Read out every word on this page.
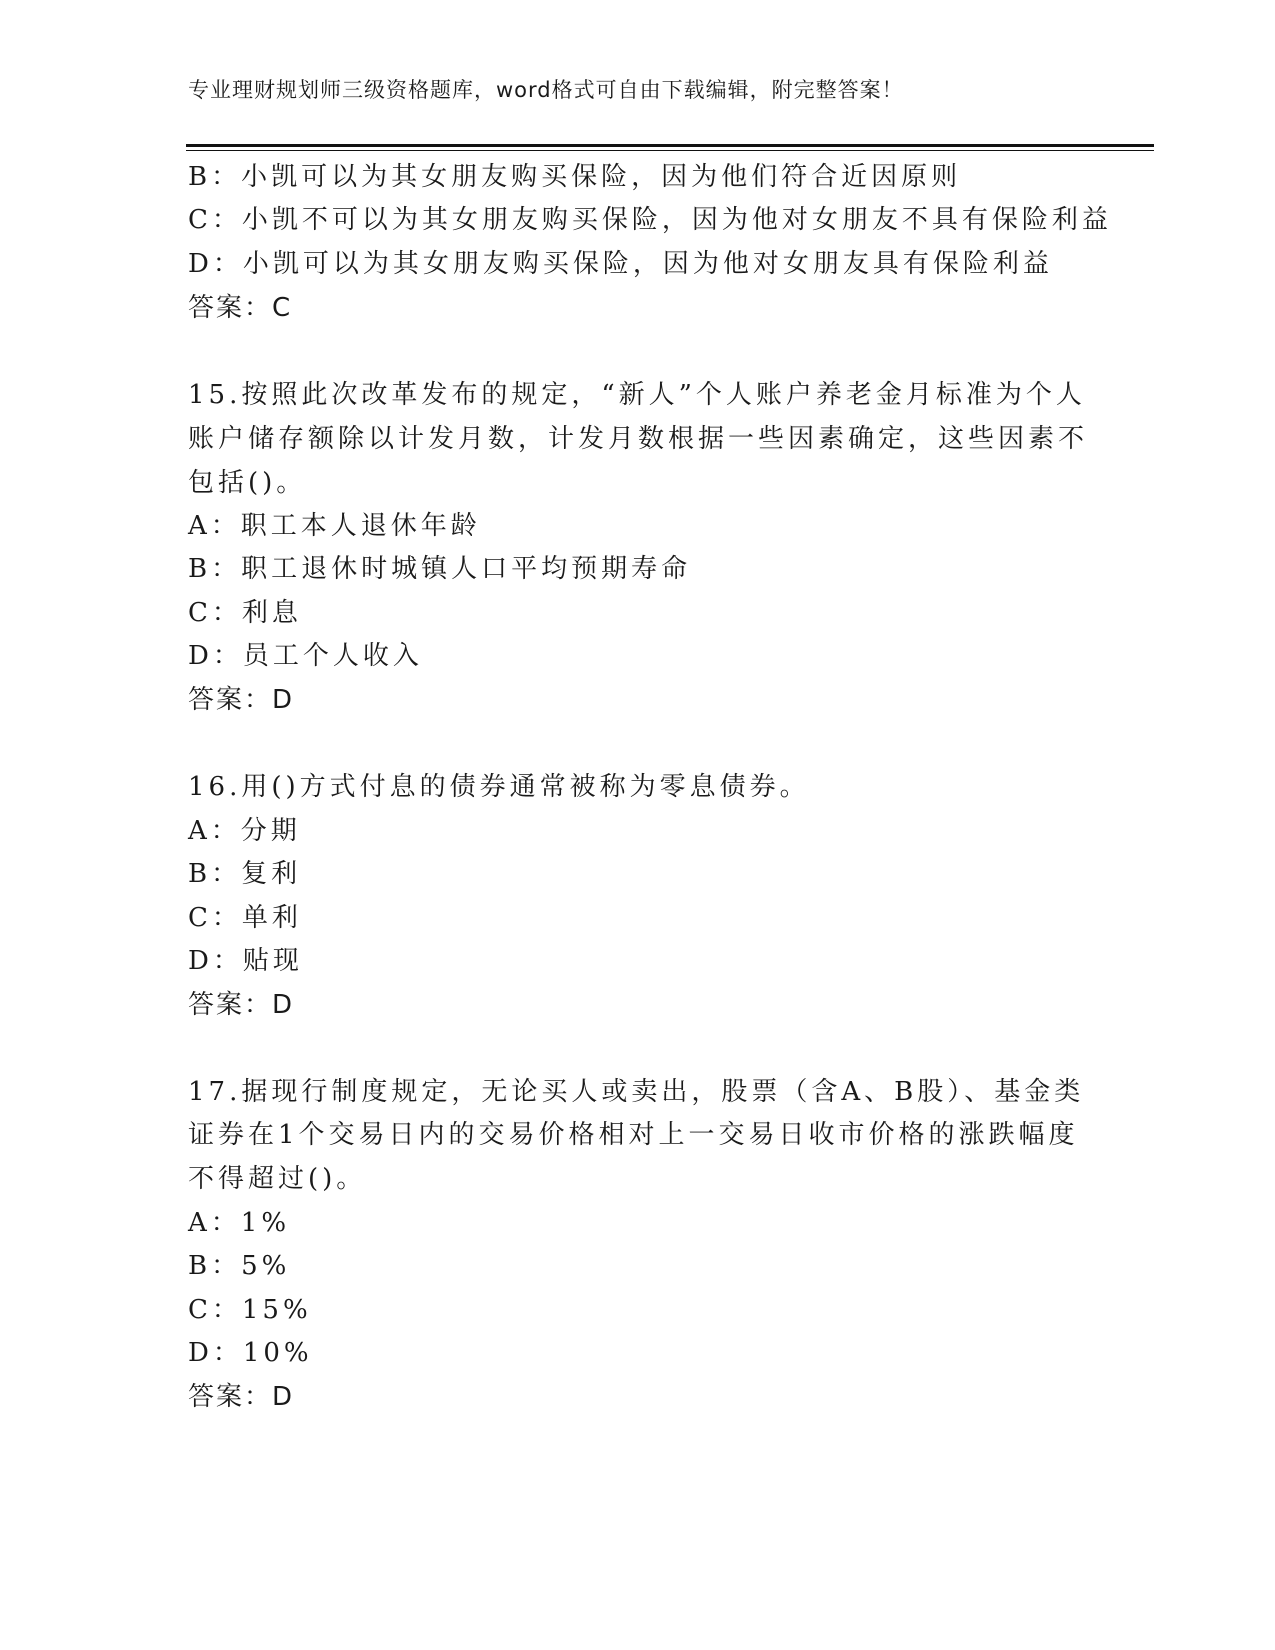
专业理财规划师三级资格题库，word格式可自由下载编辑，附完整答案！
B：小凯可以为其女朋友购买保险，因为他们符合近因原则
C：小凯不可以为其女朋友购买保险，因为他对女朋友不具有保险利益
D：小凯可以为其女朋友购买保险，因为他对女朋友具有保险利益
答案：C
15.按照此次改革发布的规定，“新人”个人账户养老金月标准为个人
账户储存额除以计发月数，计发月数根据一些因素确定，这些因素不
包括()。
A：职工本人退休年龄
B：职工退休时城镇人口平均预期寿命
C：利息
D：员工个人收入
答案：D
16.用()方式付息的债券通常被称为零息债券。
A：分期
B：复利
C：单利
D：贴现
答案：D
17.据现行制度规定，无论买人或卖出，股票（含A、B股）、基金类
证券在1个交易日内的交易价格相对上一交易日收市价格的涨跌幅度
不得超过()。
A：1%
B：5%
C：15%
D：10%
答案：D
